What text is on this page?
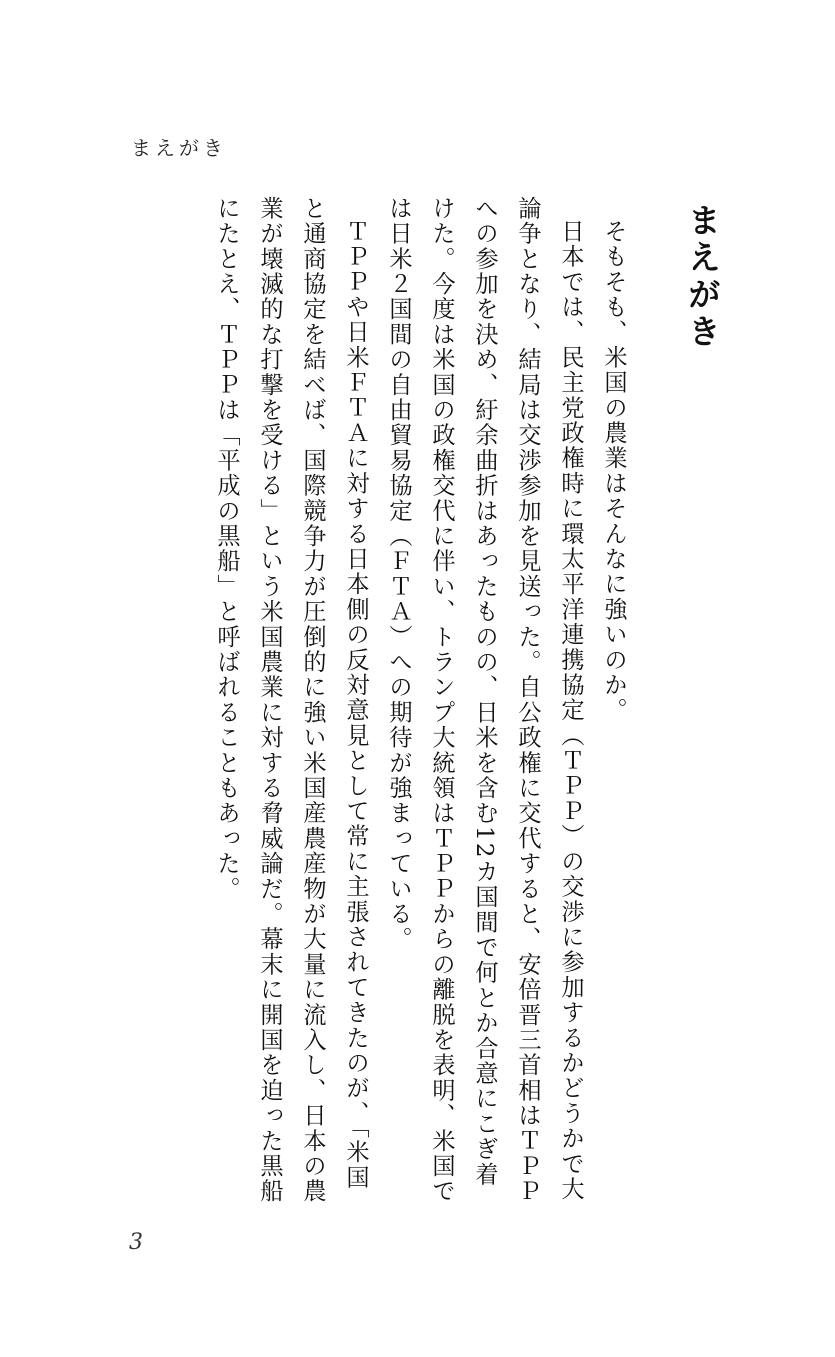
まえがき
まえがき

そもそも、米国の農業はそんなに強いのか。

日本では、民主党政権時に環太平洋連携協定（ＴＰＰ）の交渉に参加するかどうかで大論争となり、結局は交渉参加を見送った。自公政権に交代すると、安倍晋三首相はＴＰＰへの参加を決め、紆余曲折はあったものの、日米を含む12カ国間で何とか合意にこぎ着けた。今度は米国の政権交代に伴い、トランプ大統領はＴＰＰからの離脱を表明、米国では日米２国間の自由貿易協定（ＦＴＡ）への期待が強まっている。

ＴＰＰや日米ＦＴＡに対する日本側の反対意見として常に主張されてきたのが、「米国と通商協定を結べば、国際競争力が圧倒的に強い米国産農産物が大量に流入し、日本の農業が壊滅的な打撃を受ける」という米国農業に対する脅威論だ。幕末に開国を迫った黒船にたとえ、ＴＰＰは「平成の黒船」と呼ばれることもあった。

3
